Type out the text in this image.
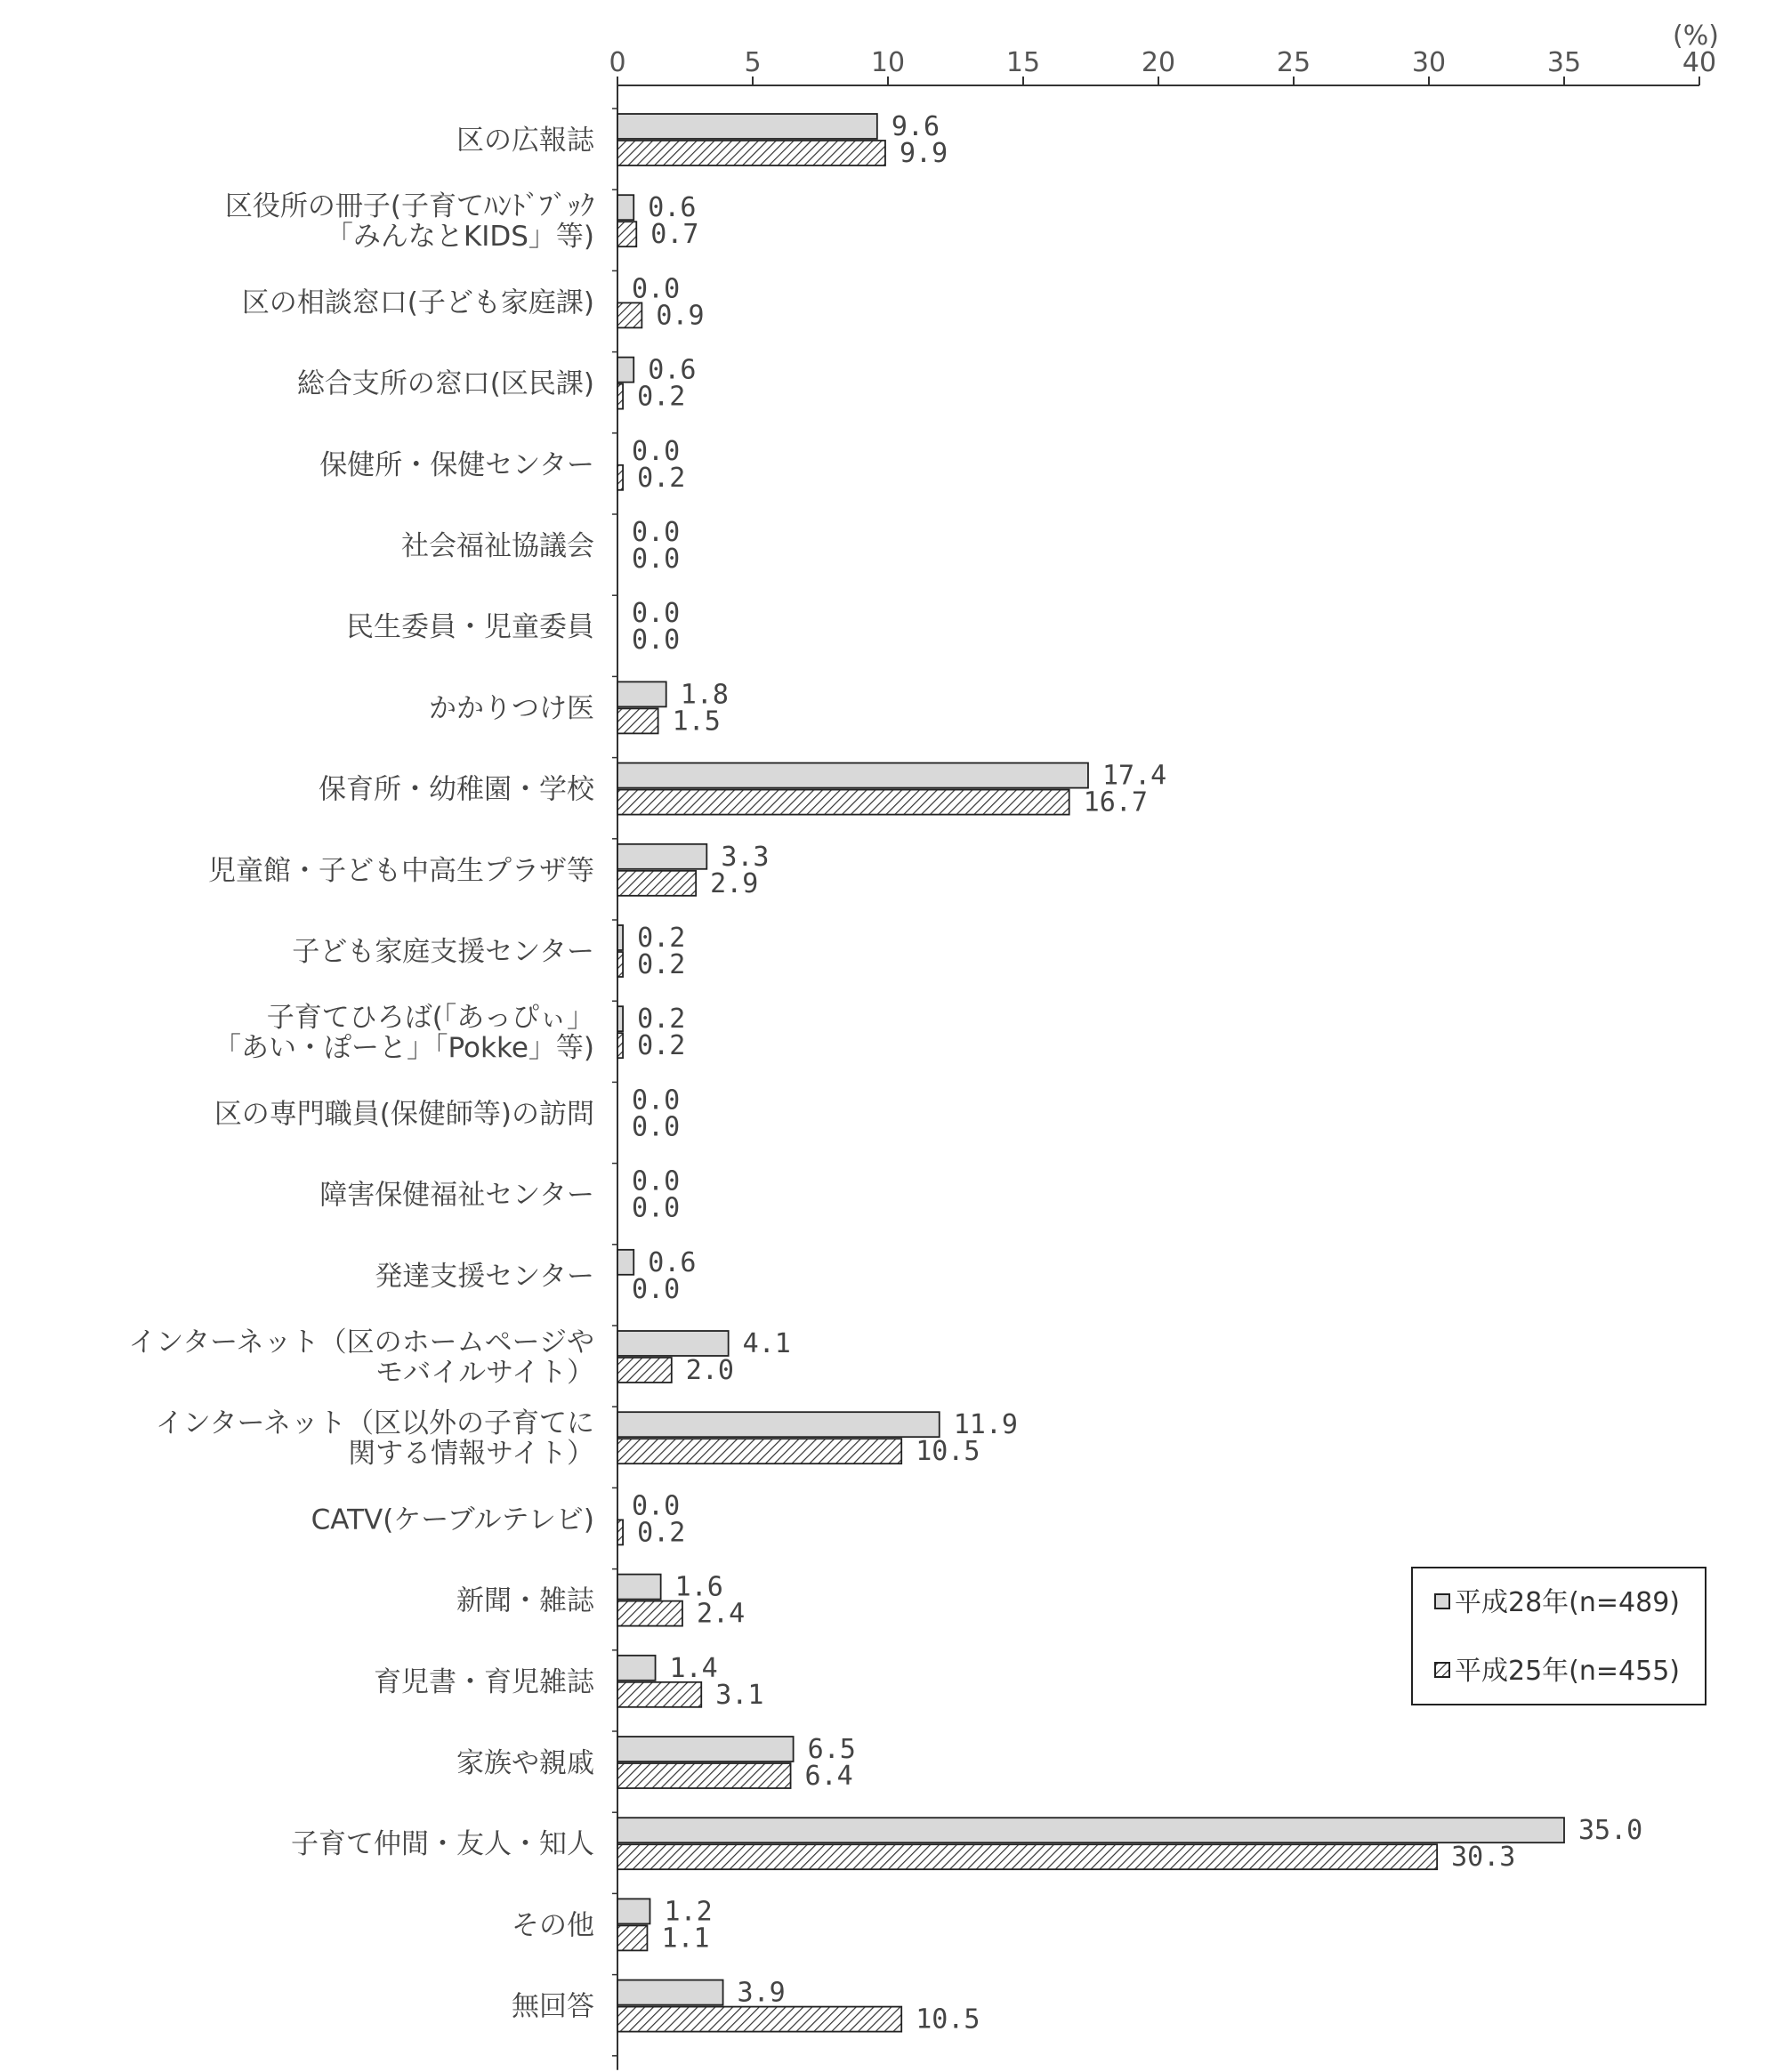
0	5	10	15	20	25	30	35	40
(%)
区の広報誌
区役所の冊子(子育てﾊﾝﾄﾞﾌﾞｯｸ
「みんなとKIDS」等)
区の相談窓口(子ども家庭課)
総合支所の窓口(区民課)
保健所・保健センター
社会福祉協議会
民生委員・児童委員
かかりつけ医
保育所・幼稚園・学校
児童館・子ども中高生プラザ等
子ども家庭支援センター
子育てひろば(「あっぴぃ」
「あい・ぽーと」「Pokke」等)
区の専門職員(保健師等)の訪問
障害保健福祉センター
発達支援センター
インターネット（区のホームページや
モバイルサイト）
インターネット（区以外の子育てに
関する情報サイト）
CATV(ケーブルテレビ)
新聞・雑誌
育児書・育児雑誌
家族や親戚
子育て仲間・友人・知人
その他
無回答
9.6
9.9
0.6
0.7
0.0
0.9
0.6
0.2
0.0
0.2
0.0
0.0
0.0
0.0
1.8
1.5
17.4
16.7
3.3
2.9
0.2
0.2
0.2
0.2
0.0
0.0
0.0
0.0
0.6
0.0
4.1
2.0
11.9
10.5
0.0
0.2
1.6
2.4
1.4
3.1
6.5
6.4
35.0
30.3
1.2
1.1
3.9
10.5
平成28年(n=489)
平成25年(n=455)
